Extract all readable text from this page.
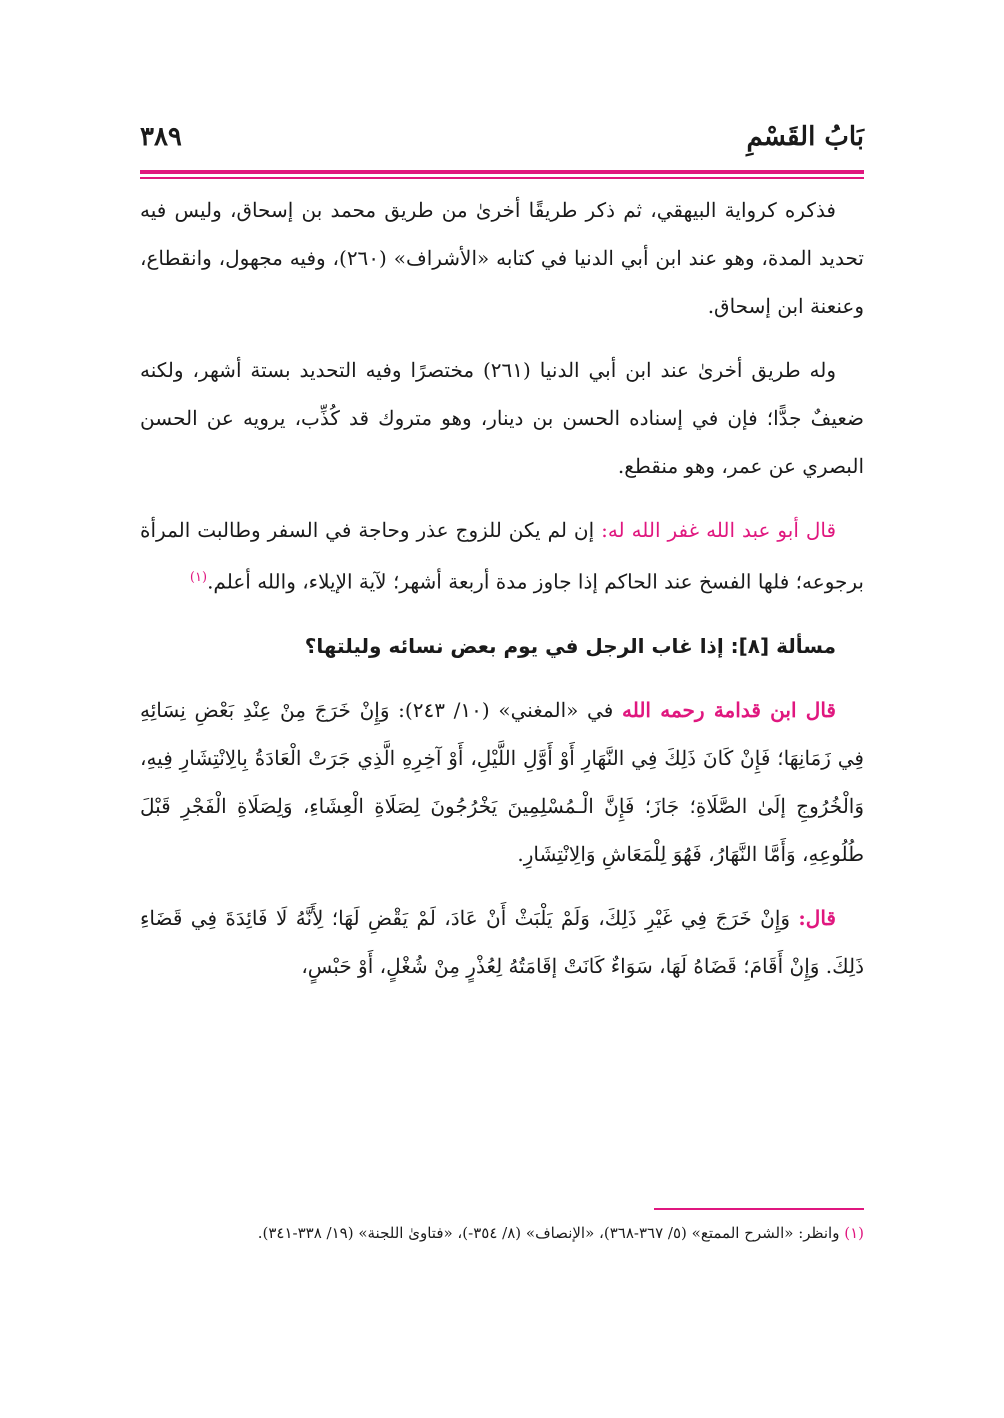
بَابُ القَسْمِ
٣٨٩

فذكره كرواية البيهقي، ثم ذكر طريقًا أخرىٰ من طريق محمد بن إسحاق، وليس فيه تحديد المدة، وهو عند ابن أبي الدنيا في كتابه «الأشراف» (٢٦٠)، وفيه مجهول، وانقطاع، وعنعنة ابن إسحاق.

وله طريق أخرىٰ عند ابن أبي الدنيا (٢٦١) مختصرًا وفيه التحديد بستة أشهر، ولكنه ضعيفٌ جدًّا؛ فإن في إسناده الحسن بن دينار، وهو متروك قد كُذِّب، يرويه عن الحسن البصري عن عمر، وهو منقطع.

قال أبو عبد الله غفر الله له: إن لم يكن للزوج عذر وحاجة في السفر وطالبت المرأة برجوعه؛ فلها الفسخ عند الحاكم إذا جاوز مدة أربعة أشهر؛ لآية الإيلاء، والله أعلم.$^{(١)}$

مسألة [٨]: إذا غاب الرجل في يوم بعض نسائه وليلتها؟

قال ابن قدامة رحمه الله في «المغني» (١٠/ ٢٤٣): وَإِنْ خَرَجَ مِنْ عِنْدِ بَعْضِ نِسَائِهِ فِي زَمَانِهَا؛ فَإِنْ كَانَ ذَلِكَ فِي النَّهَارِ أَوْ أَوَّلِ اللَّيْلِ، أَوْ آخِرِهِ الَّذِي جَرَتْ الْعَادَةُ بِالِانْتِشَارِ فِيهِ، وَالْخُرُوجِ إلَىٰ الصَّلَاةِ؛ جَازَ؛ فَإِنَّ الْـمُسْلِمِينَ يَخْرُجُونَ لِصَلَاةِ الْعِشَاءِ، وَلِصَلَاةِ الْفَجْرِ قَبْلَ طُلُوعِهِ، وَأَمَّا النَّهَارُ، فَهُوَ لِلْمَعَاشِ وَالِانْتِشَارِ.

قال: وَإِنْ خَرَجَ فِي غَيْرِ ذَلِكَ، وَلَمْ يَلْبَثْ أَنْ عَادَ، لَمْ يَقْضِ لَهَا؛ لِأَنَّهُ لَا فَائِدَةَ فِي قَضَاءِ ذَلِكَ. وَإِنْ أَقَامَ؛ قَضَاهُ لَهَا، سَوَاءٌ كَانَتْ إقَامَتُهُ لِعُذْرٍ مِنْ شُغْلٍ، أَوْ حَبْسٍ،

(١) وانظر: «الشرح الممتع» (٥/ ٣٦٧-٣٦٨)، «الإنصاف» (٨/ ٣٥٤-)، «فتاوىٰ اللجنة» (١٩/ ٣٣٨-٣٤١).
